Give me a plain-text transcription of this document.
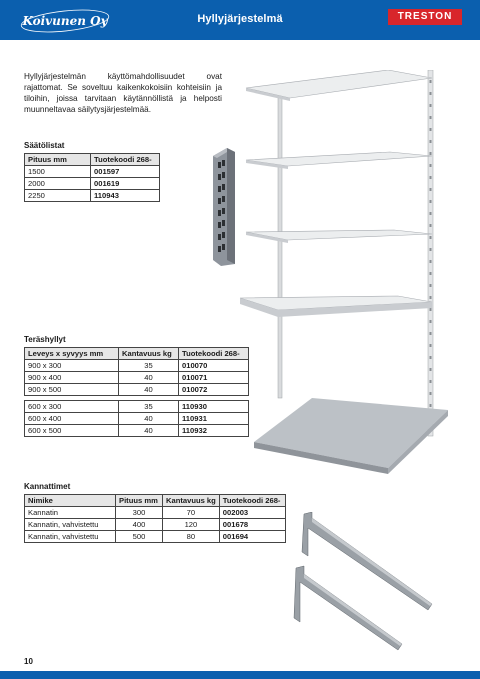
Koivunen Oy	Hyllyjärjestelmä	TRESTON

Hyllyjärjestelmän käyttömahdollisuudet ovat rajattomat. Se soveltuu kaikenkokoisiin kohteisiin ja tiloihin, joissa tarvitaan käytännöllistä ja helposti muunneltavaa säilytysjärjestelmää.

Säätölistat
Pituus mm	Tuotekoodi 268-
1500	001597
2000	001619
2250	110943
Teräshyllyt
Leveys x syvyys mm	Kantavuus kg	Tuotekoodi 268-
900 x 300	35	010070
900 x 400	40	010071
900 x 500	40	010072

600 x 300	35	110930
600 x 400	40	110931
600 x 500	40	110932
Kannattimet
Nimike	Pituus mm	Kantavuus kg	Tuotekoodi 268-
Kannatin	300	70	002003
Kannatin, vahvistettu	400	120	001678
Kannatin, vahvistettu	500	80	001694
10
